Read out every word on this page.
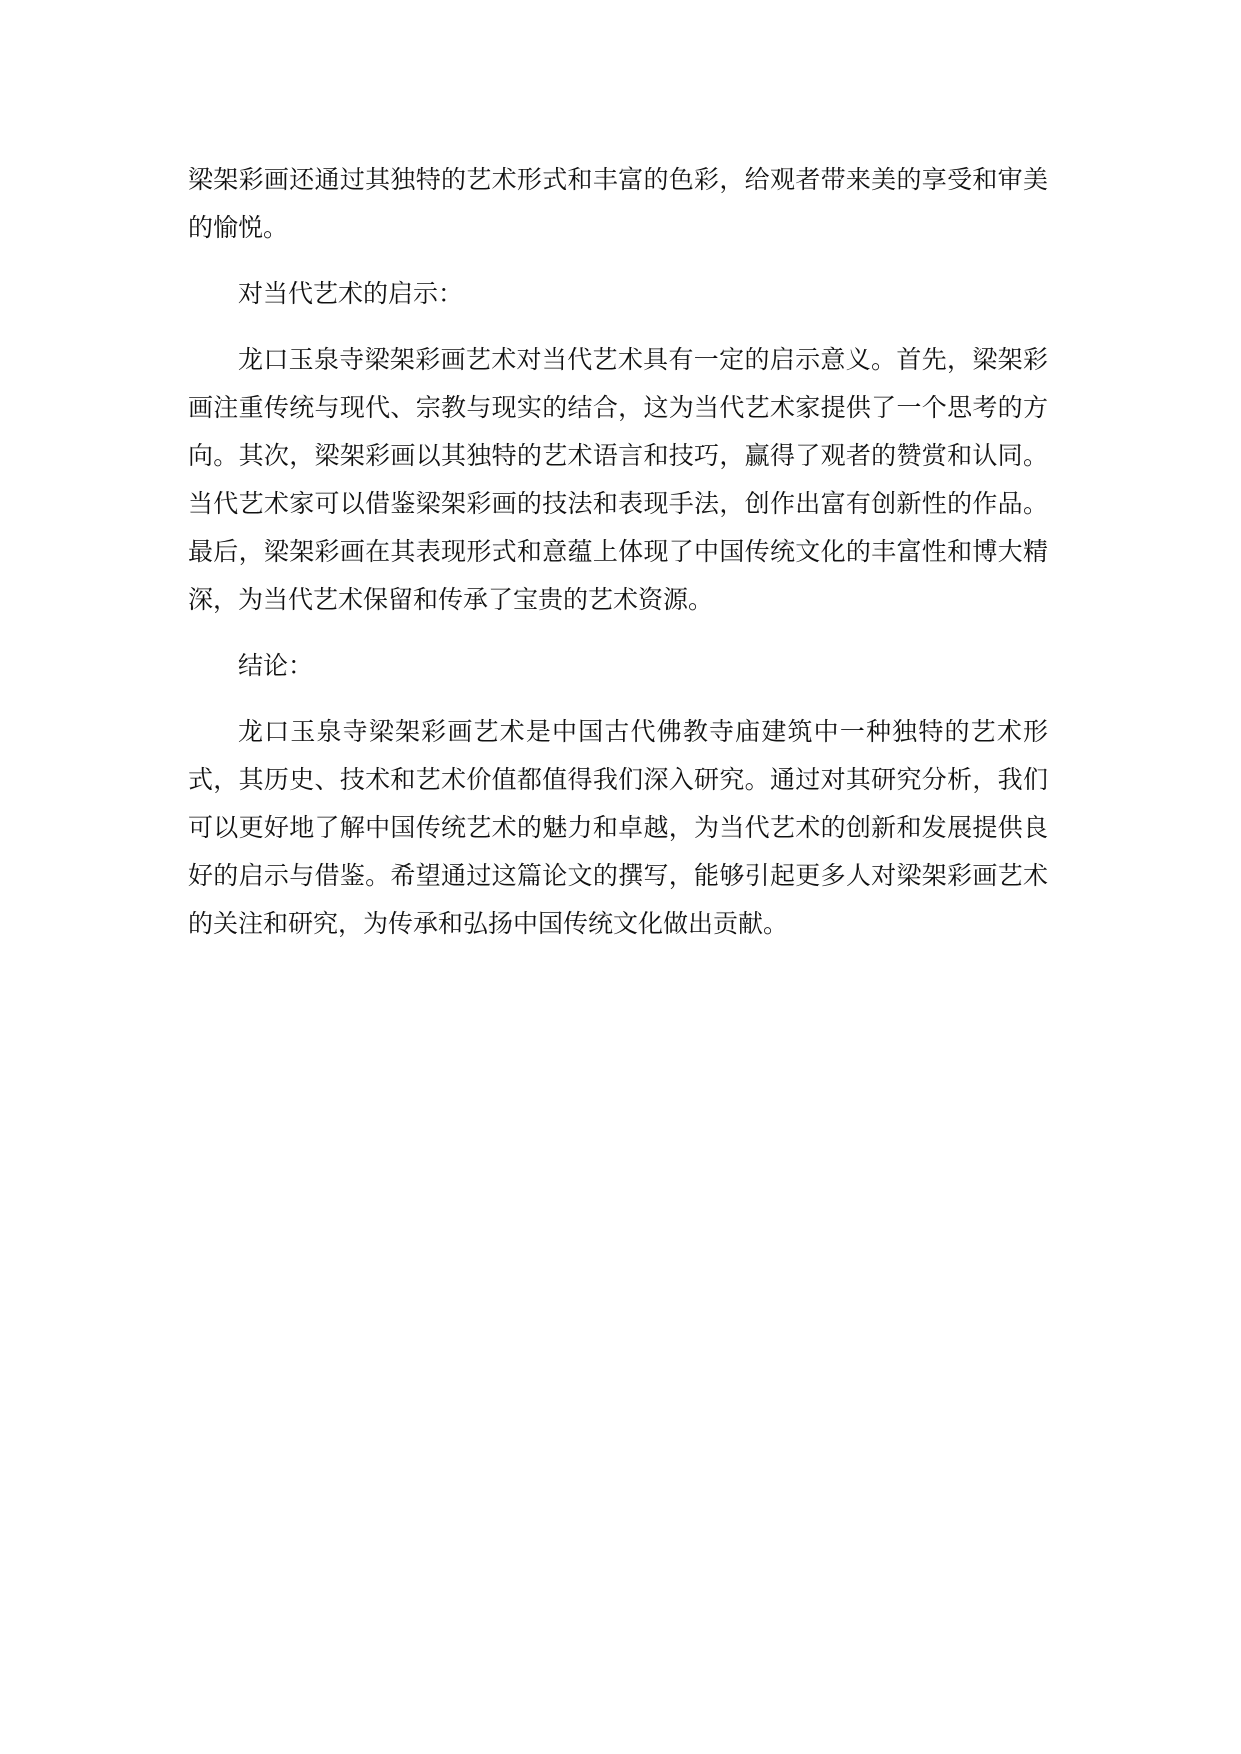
梁架彩画还通过其独特的艺术形式和丰富的色彩，给观者带来美的享受和审美的愉悦。

对当代艺术的启示：

龙口玉泉寺梁架彩画艺术对当代艺术具有一定的启示意义。首先，梁架彩画注重传统与现代、宗教与现实的结合，这为当代艺术家提供了一个思考的方向。其次，梁架彩画以其独特的艺术语言和技巧，赢得了观者的赞赏和认同。当代艺术家可以借鉴梁架彩画的技法和表现手法，创作出富有创新性的作品。最后，梁架彩画在其表现形式和意蕴上体现了中国传统文化的丰富性和博大精深，为当代艺术保留和传承了宝贵的艺术资源。

结论：

龙口玉泉寺梁架彩画艺术是中国古代佛教寺庙建筑中一种独特的艺术形式，其历史、技术和艺术价值都值得我们深入研究。通过对其研究分析，我们可以更好地了解中国传统艺术的魅力和卓越，为当代艺术的创新和发展提供良好的启示与借鉴。希望通过这篇论文的撰写，能够引起更多人对梁架彩画艺术的关注和研究，为传承和弘扬中国传统文化做出贡献。
